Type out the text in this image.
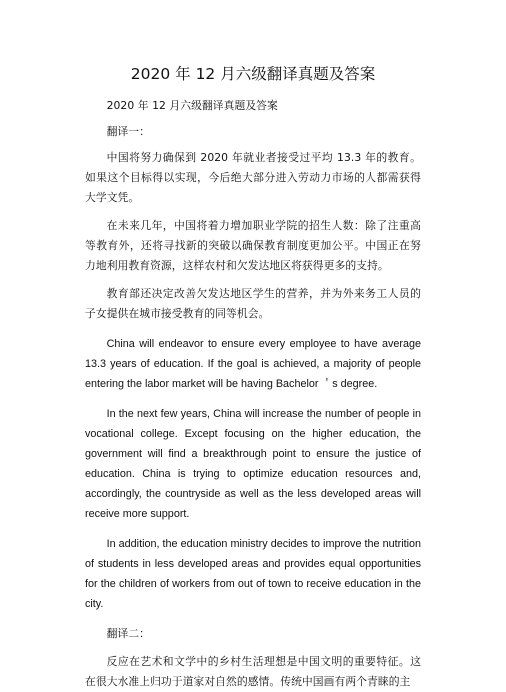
2020 年 12 月六级翻译真题及答案

2020 年 12 月六级翻译真题及答案

翻译一：

中国将努力确保到 2020 年就业者接受过平均 13.3 年的教育。如果这个目标得以实现，今后绝大部分进入劳动力市场的人都需获得大学文凭。

在未来几年，中国将着力增加职业学院的招生人数：除了注重高等教育外，还将寻找新的突破以确保教育制度更加公平。中国正在努力地利用教育资源，这样农村和欠发达地区将获得更多的支持。

教育部还决定改善欠发达地区学生的营养，并为外来务工人员的子女提供在城市接受教育的同等机会。

China will endeavor to ensure every employee to have average 13.3 years of education. If the goal is achieved, a majority of people entering the labor market will be having Bachelor ＇s degree.

In the next few years, China will increase the number of people in vocational college. Except focusing on the higher education, the government will find a breakthrough point to ensure the justice of education. China is trying to optimize education resources and, accordingly, the countryside as well as the less developed areas will receive more support.

In addition, the education ministry decides to improve the nutrition of students in less developed areas and provides equal opportunities for the children of workers from out of town to receive education in the city.

翻译二：

反应在艺术和文学中的乡村生活理想是中国文明的重要特征。这在很大水准上归功于道家对自然的感情。传统中国画有两个青睐的主
